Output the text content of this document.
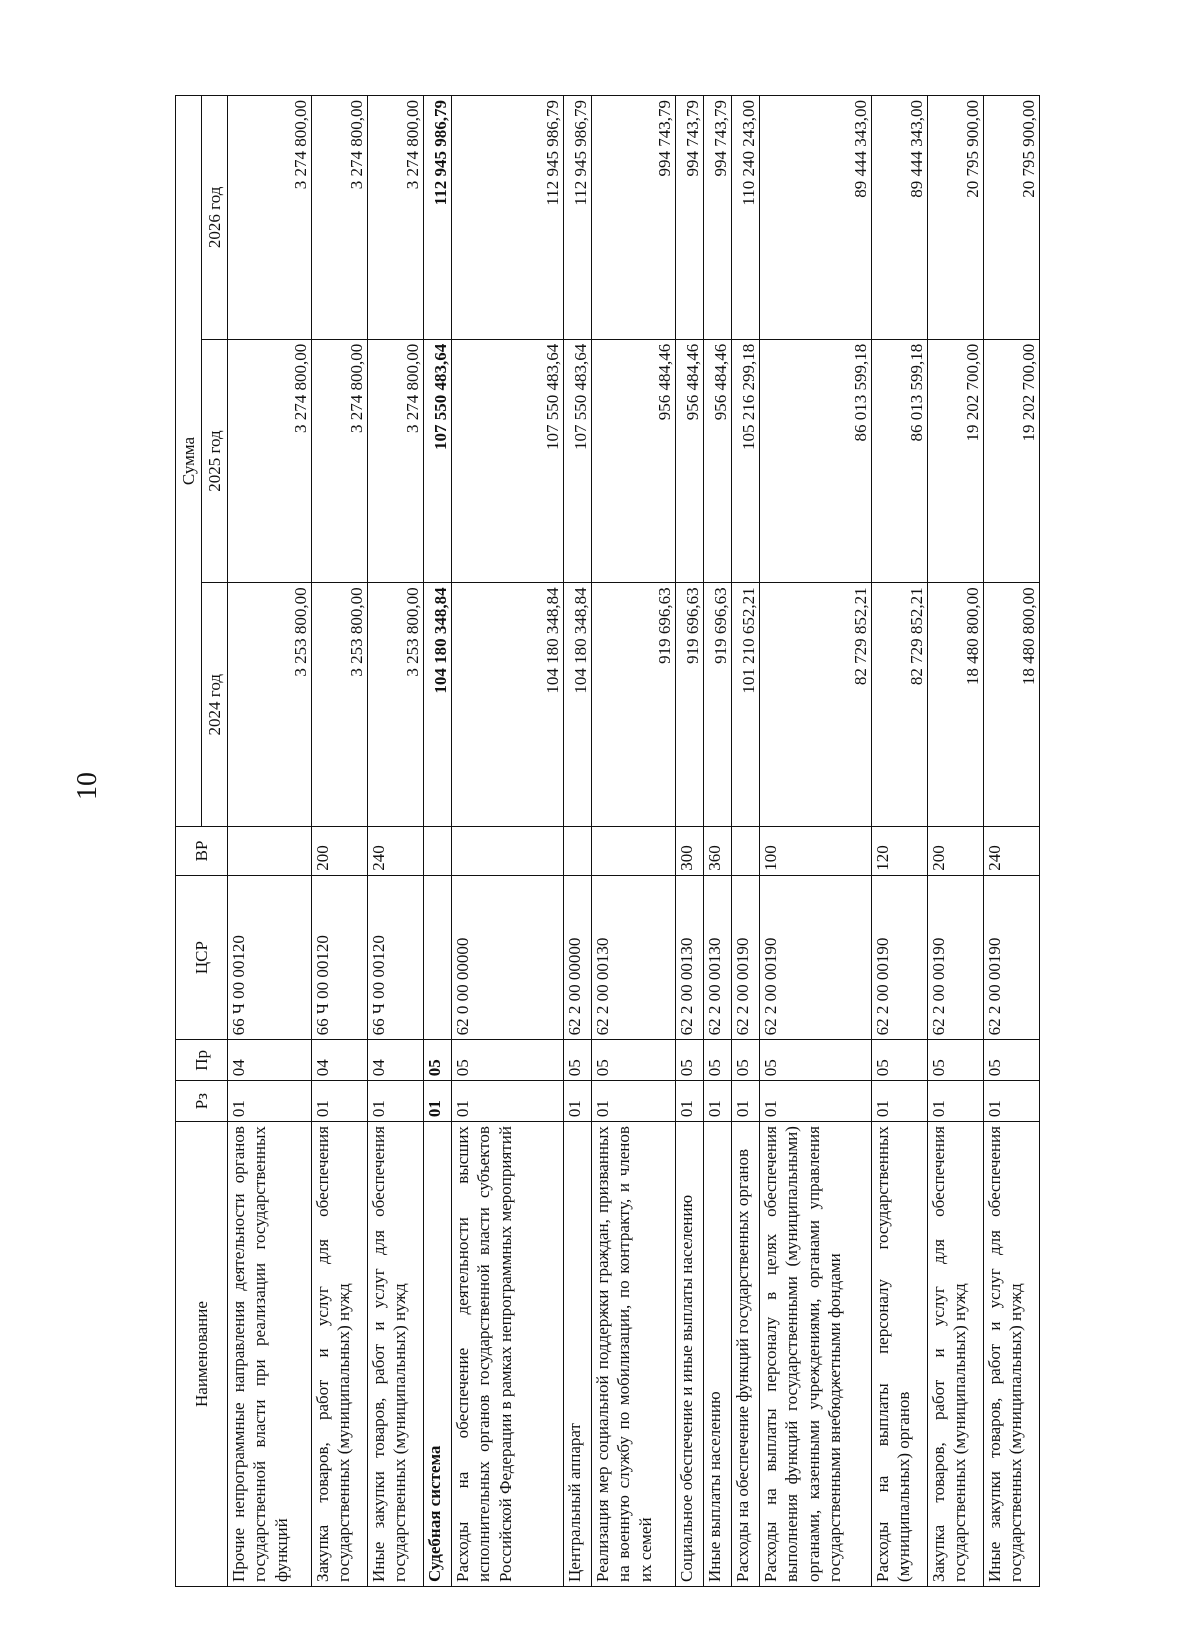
10
Наименование	Рз	Пр	ЦСР	ВР	Сумма		
					2024 год	2025 год	2026 год
Прочие непрограммные направления деятельности органов государственной власти при реализации государственных функций	01	04	66 Ч 00 00120		3 253 800,00	3 274 800,00	3 274 800,00
Закупка товаров, работ и услуг для обеспечения государственных (муниципальных) нужд	01	04	66 Ч 00 00120	200	3 253 800,00	3 274 800,00	3 274 800,00
Иные закупки товаров, работ и услуг для обеспечения государственных (муниципальных) нужд	01	04	66 Ч 00 00120	240	3 253 800,00	3 274 800,00	3 274 800,00
Судебная система	01	05			104 180 348,84	107 550 483,64	112 945 986,79
Расходы на обеспечение деятельности высших исполнительных органов государственной власти субъектов Российской Федерации в рамках непрограммных мероприятий	01	05	62 0 00 00000		104 180 348,84	107 550 483,64	112 945 986,79
Центральный аппарат	01	05	62 2 00 00000		104 180 348,84	107 550 483,64	112 945 986,79
Реализация мер социальной поддержки граждан, призванных на военную службу по мобилизации, по контракту, и членов их семей	01	05	62 2 00 00130		919 696,63	956 484,46	994 743,79
Социальное обеспечение и иные выплаты населению	01	05	62 2 00 00130	300	919 696,63	956 484,46	994 743,79
Иные выплаты населению	01	05	62 2 00 00130	360	919 696,63	956 484,46	994 743,79
Расходы на обеспечение функций государственных органов	01	05	62 2 00 00190		101 210 652,21	105 216 299,18	110 240 243,00
Расходы на выплаты персоналу в целях обеспечения выполнения функций государственными (муниципальными) органами, казенными учреждениями, органами управления государственными внебюджетными фондами	01	05	62 2 00 00190	100	82 729 852,21	86 013 599,18	89 444 343,00
Расходы на выплаты персоналу государственных (муниципальных) органов	01	05	62 2 00 00190	120	82 729 852,21	86 013 599,18	89 444 343,00
Закупка товаров, работ и услуг для обеспечения государственных (муниципальных) нужд	01	05	62 2 00 00190	200	18 480 800,00	19 202 700,00	20 795 900,00
Иные закупки товаров, работ и услуг для обеспечения государственных (муниципальных) нужд	01	05	62 2 00 00190	240	18 480 800,00	19 202 700,00	20 795 900,00
